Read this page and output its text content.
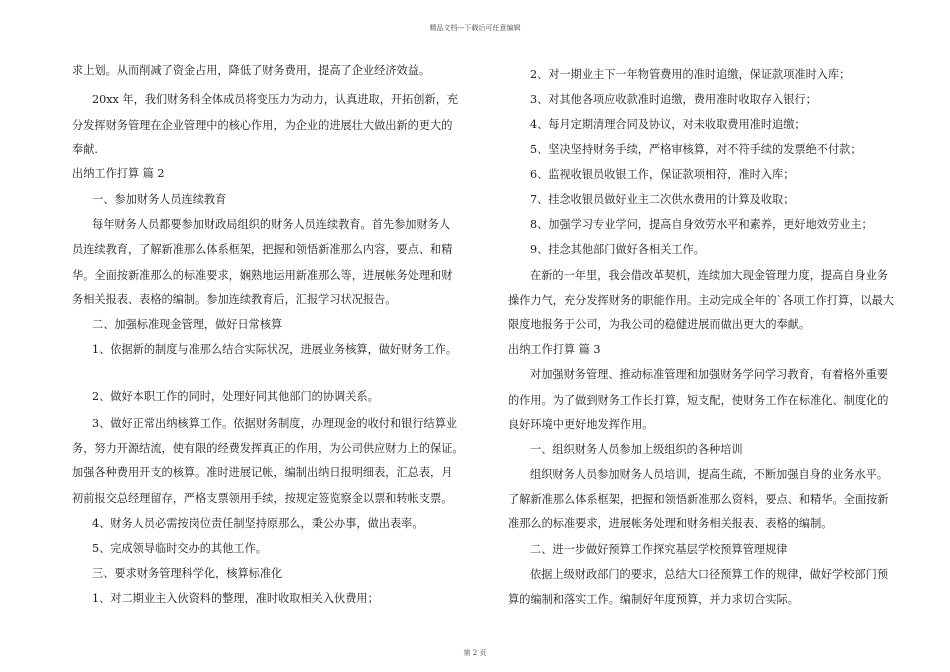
精品文档---下载后可任意编辑
求上划。从而削减了资金占用，降低了财务费用，提高了企业经济效益。
20xx 年，我们财务科全体成员将变压力为动力，认真进取，开拓创新，充
分发挥财务管理在企业管理中的核心作用，为企业的进展壮大做出新的更大的
奉献.
出纳工作打算 篇 2
一、参加财务人员连续教育
每年财务人员都要参加财政局组织的财务人员连续教育。首先参加财务人
员连续教育，了解新准那么体系框架，把握和领悟新准那么内容，要点、和精
华。全面按新准那么的标准要求，娴熟地运用新准那么等，进展帐务处理和财
务相关报表、表格的编制。参加连续教育后，汇报学习状况报告。
二、加强标准现金管理，做好日常核算
1、依据新的制度与准那么结合实际状况，进展业务核算，做好财务工作。
2、做好本职工作的同时，处理好同其他部门的协调关系。
3、做好正常出纳核算工作。依据财务制度，办理现金的收付和银行结算业
务，努力开源结流，使有限的经费发挥真正的作用，为公司供应财力上的保证。
加强各种费用开支的核算。准时进展记帐，编制出纳日报明细表，汇总表，月
初前报交总经理留存，严格支票领用手续，按规定签览察金以票和转帐支票。
4、财务人员必需按岗位责任制坚持原那么，秉公办事，做出表率。
5、完成领导临时交办的其他工作。
三、要求财务管理科学化，核算标准化
1、对二期业主入伙资料的整理，准时收取相关入伙费用；
2、对一期业主下一年物管费用的准时追缴，保证款项准时入库；
3、对其他各项应收款准时追缴，费用准时收取存入银行；
4、每月定期清理合同及协议，对未收取费用准时追缴；
5、坚决坚持财务手续，严格审核算，对不符手续的发票绝不付款；
6、监视收银员收银工作，保证款项相符，准时入库；
7、挂念收银员做好业主二次供水费用的计算及收取；
8、加强学习专业学问，提高自身效劳水平和素养，更好地效劳业主；
9、挂念其他部门做好各相关工作。
在新的一年里，我会借改革契机，连续加大现金管理力度，提高自身业务
操作力气，充分发挥财务的职能作用。主动完成全年的`各项工作打算，以最大
限度地报务于公司，为我公司的稳健进展而做出更大的奉献。
出纳工作打算 篇 3
对加强财务管理、推动标准管理和加强财务学问学习教育，有着格外重要
的作用。为了做到财务工作长打算，短支配，使财务工作在标准化、制度化的
良好环境中更好地发挥作用。
一、组织财务人员参加上级组织的各种培训
组织财务人员参加财务人员培训，提高生疏，不断加强自身的业务水平。
了解新准那么体系框架，把握和领悟新准那么资料，要点、和精华。全面按新
准那么的标准要求，进展帐务处理和财务相关报表、表格的编制。
二、进一步做好预算工作探究基层学校预算管理规律
依据上级财政部门的要求，总结大口径预算工作的规律，做好学校部门预
算的编制和落实工作。编制好年度预算，并力求切合实际。
第 2 页
